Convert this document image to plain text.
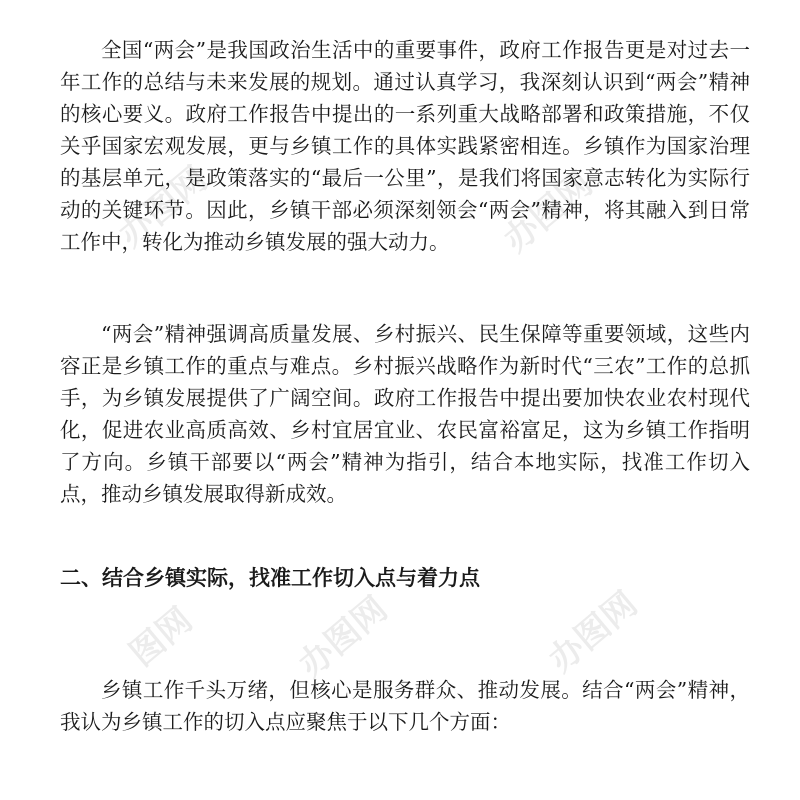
办图网	办图网
图网	办图网	办图网

全国“两会”是我国政治生活中的重要事件，政府工作报告更是对过去一年工作的总结与未来发展的规划。通过认真学习，我深刻认识到“两会”精神的核心要义。政府工作报告中提出的一系列重大战略部署和政策措施，不仅关乎国家宏观发展，更与乡镇工作的具体实践紧密相连。乡镇作为国家治理的基层单元，是政策落实的“最后一公里”，是我们将国家意志转化为实际行动的关键环节。因此，乡镇干部必须深刻领会“两会”精神，将其融入到日常工作中，转化为推动乡镇发展的强大动力。

“两会”精神强调高质量发展、乡村振兴、民生保障等重要领域，这些内容正是乡镇工作的重点与难点。乡村振兴战略作为新时代“三农”工作的总抓手，为乡镇发展提供了广阔空间。政府工作报告中提出要加快农业农村现代化，促进农业高质高效、乡村宜居宜业、农民富裕富足，这为乡镇工作指明了方向。乡镇干部要以“两会”精神为指引，结合本地实际，找准工作切入点，推动乡镇发展取得新成效。

二、结合乡镇实际，找准工作切入点与着力点

乡镇工作千头万绪，但核心是服务群众、推动发展。结合“两会”精神，我认为乡镇工作的切入点应聚焦于以下几个方面：
